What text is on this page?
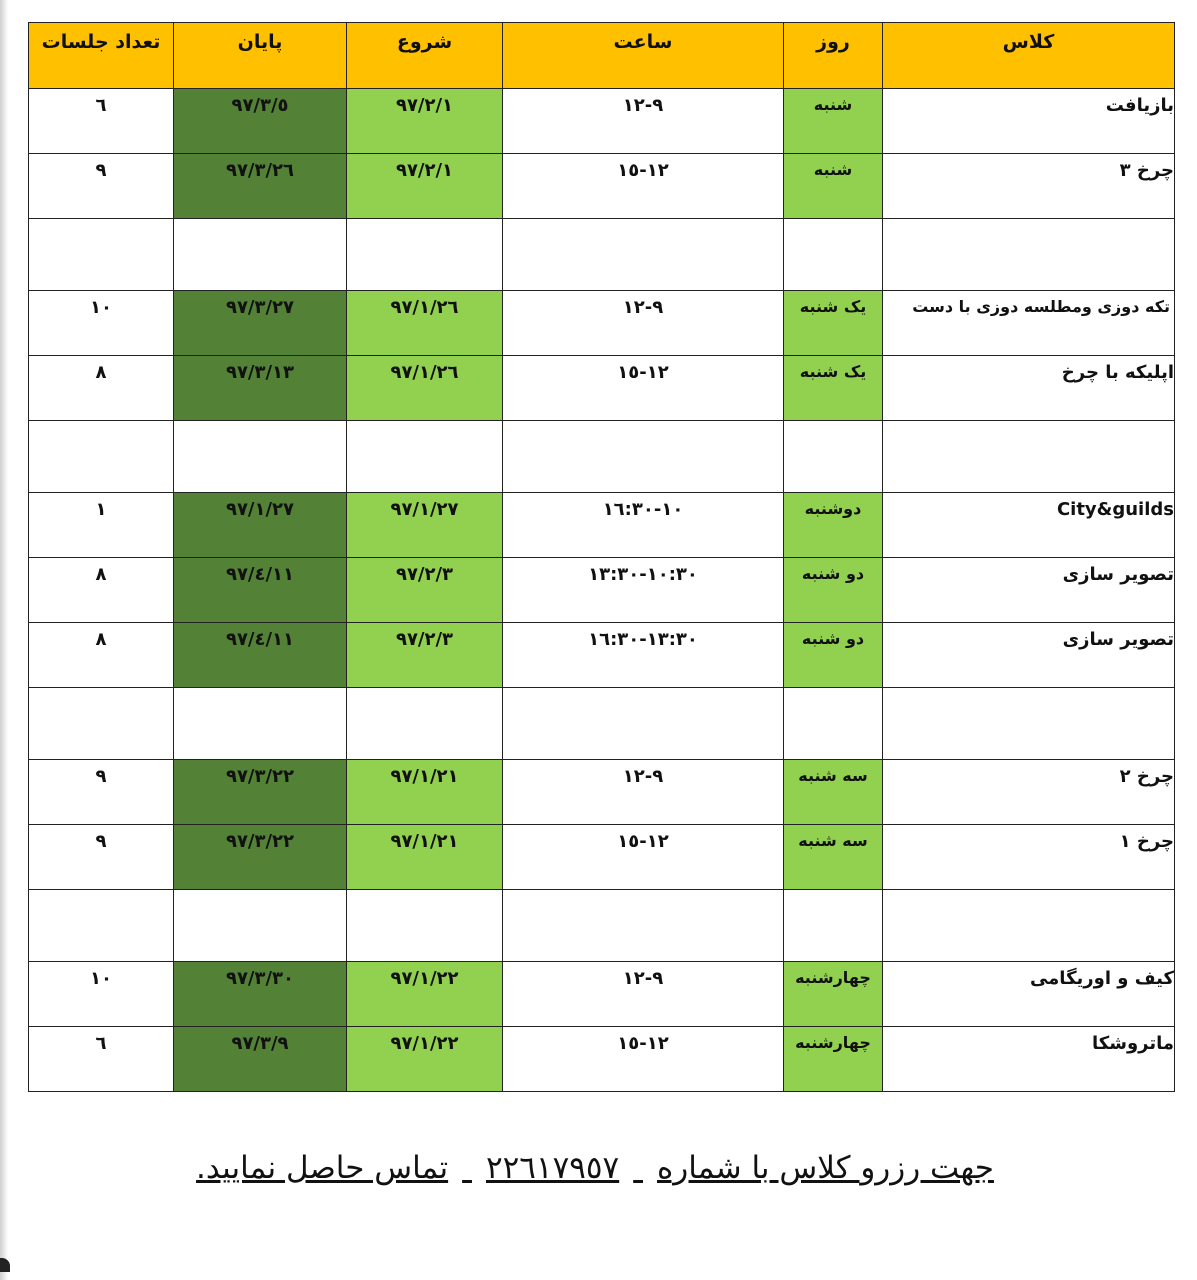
تعداد جلسات	پایان	شروع	ساعت	روز	کلاس
٦	٩٧/٣/٥	٩٧/٢/١	٩-١٢	شنبه	بازیافت
٩	٩٧/٣/٢٦	٩٧/٢/١	١٢-١٥	شنبه	چرخ ٣

١٠	٩٧/٣/٢٧	٩٧/١/٢٦	٩-١٢	یک شنبه	تکه دوزی ومطلسه دوزی با دست
٨	٩٧/٣/١٣	٩٧/١/٢٦	١٢-١٥	یک شنبه	اپلیکه با چرخ

١	٩٧/١/٢٧	٩٧/١/٢٧	١٠-١٦:٣٠	دوشنبه	City&guilds
٨	٩٧/٤/١١	٩٧/٢/٣	١٠:٣٠-١٣:٣٠	دو شنبه	تصویر سازی
٨	٩٧/٤/١١	٩٧/٢/٣	١٣:٣٠-١٦:٣٠	دو شنبه	تصویر سازی

٩	٩٧/٣/٢٢	٩٧/١/٢١	٩-١٢	سه شنبه	چرخ ٢
٩	٩٧/٣/٢٢	٩٧/١/٢١	١٢-١٥	سه شنبه	چرخ ١

١٠	٩٧/٣/٣٠	٩٧/١/٢٢	٩-١٢	چهارشنبه	کیف و اوریگامی
٦	٩٧/٣/٩	٩٧/١/٢٢	١٢-١٥	چهارشنبه	ماتروشکا
جهت رزرو کلاس با شماره ٢٢٦١٧٩٥٧ تماس حاصل نمایید.
